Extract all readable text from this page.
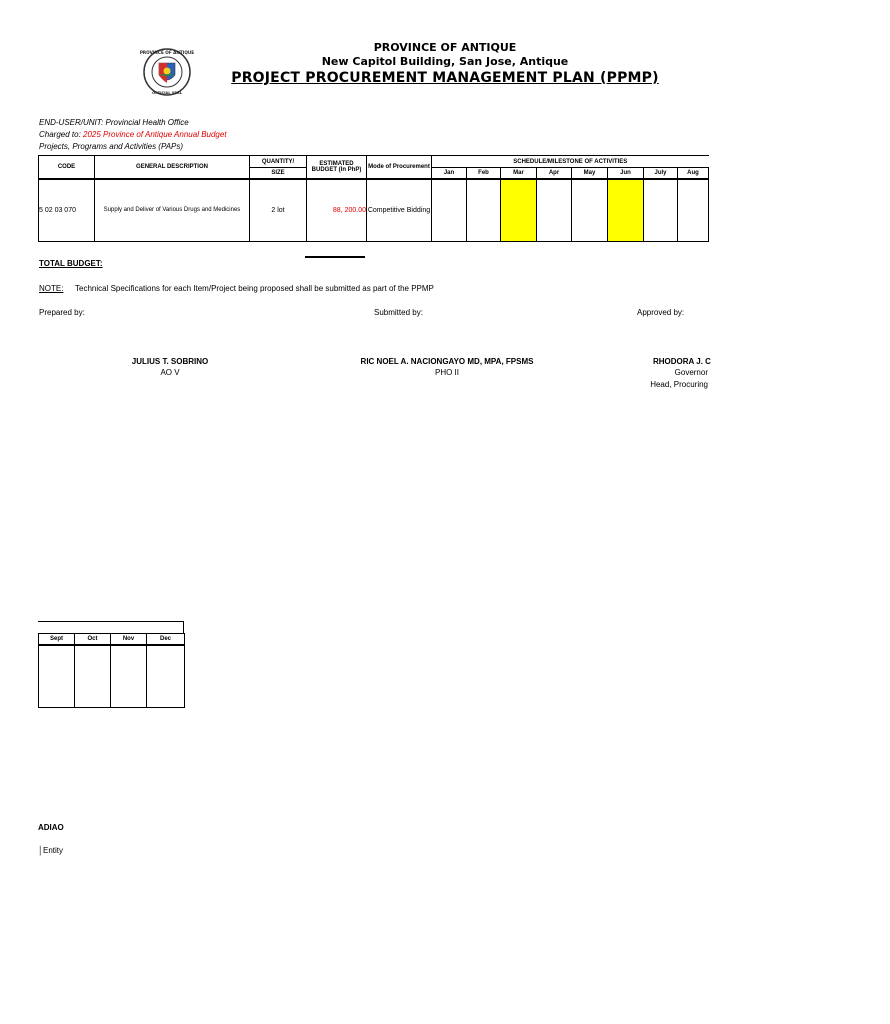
PROVINCE OF ANTIQUE
OFFICIAL SEAL
PROVINCE OF ANTIQUE
New Capitol Building, San Jose, Antique
PROJECT PROCUREMENT MANAGEMENT PLAN (PPMP)
END-USER/UNIT: Provincial Health Office
Charged to: 2025 Province of Antique Annual Budget
Projects, Programs and Activities (PAPs)
CODE	GENERAL DESCRIPTION	QUANTITY/	ESTIMATED BUDGET (In PhP)	Mode of Procurement	SCHEDULE/MILESTONE OF ACTIVITIES							
		SIZE			Jan	Feb	Mar	Apr	May	Jun	July	Aug
5 02 03 070	Supply and Deliver of Various Drugs and Medicines	2 lot	88, 200.00	Competitive Bidding								
TOTAL BUDGET:
NOTE: Technical Specifications for each Item/Project being proposed shall be submitted as part of the PPMP
Prepared by:	Submitted by:	Approved by:
JULIUS T. SOBRINO
AO V
RIC NOEL A. NACIONGAYO MD, MPA, FPSMS
PHO II
RHODORA J. C
Governor
Head, Procuring
Sept	Oct	Nov	Dec

ADIAO
│Entity
